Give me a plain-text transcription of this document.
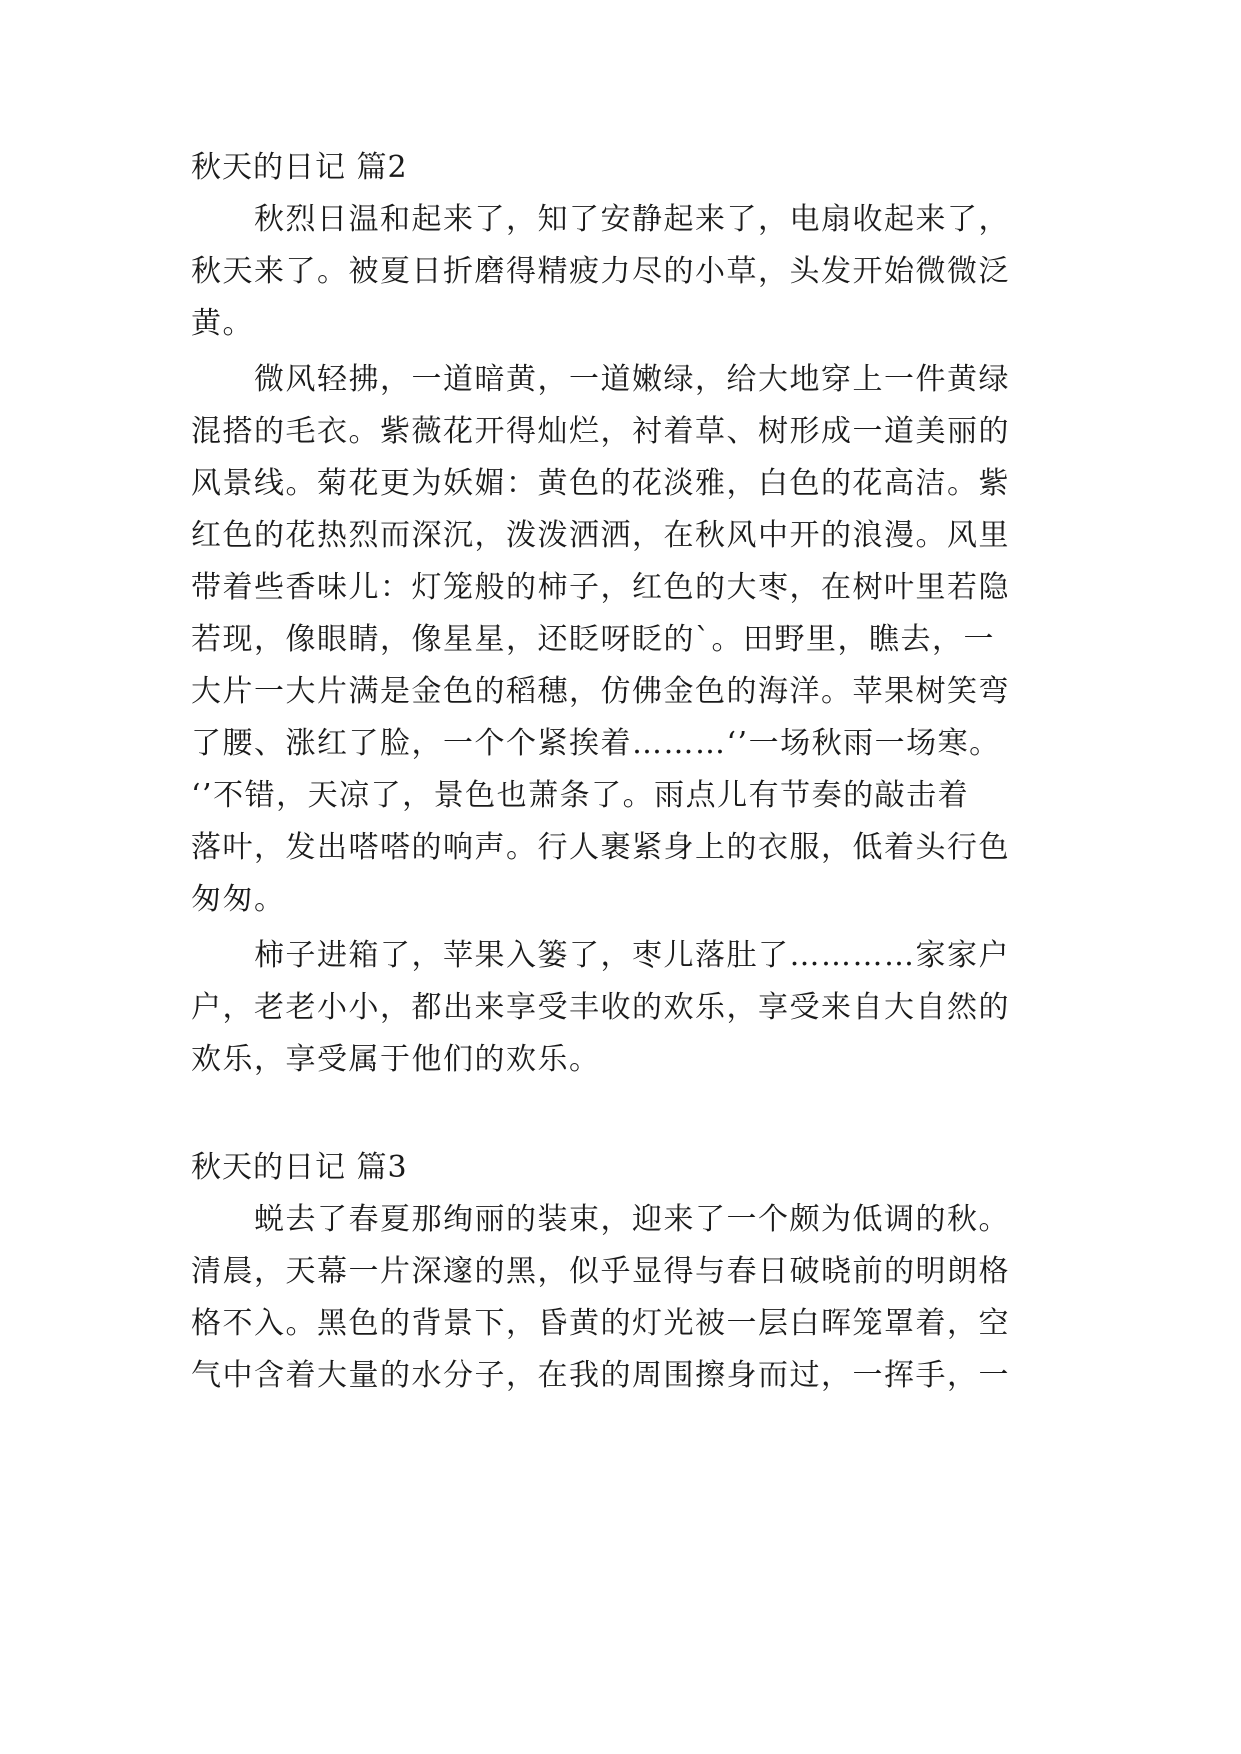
秋天的日记 篇2
秋烈日温和起来了，知了安静起来了，电扇收起来了，
秋天来了。被夏日折磨得精疲力尽的小草，头发开始微微泛
黄。
微风轻拂，一道暗黄，一道嫩绿，给大地穿上一件黄绿
混搭的毛衣。紫薇花开得灿烂，衬着草、树形成一道美丽的
风景线。菊花更为妖媚：黄色的花淡雅，白色的花高洁。紫
红色的花热烈而深沉，泼泼洒洒，在秋风中开的浪漫。风里
带着些香味儿：灯笼般的柿子，红色的大枣，在树叶里若隐
若现，像眼睛，像星星，还眨呀眨的`。田野里，瞧去，一
大片一大片满是金色的稻穗，仿佛金色的海洋。苹果树笑弯
了腰、涨红了脸，一个个紧挨着………‘’一场秋雨一场寒。
‘’不错，天凉了，景色也萧条了。雨点儿有节奏的敲击着
落叶，发出嗒嗒的响声。行人裹紧身上的衣服，低着头行色
匆匆。
柿子进箱了，苹果入篓了，枣儿落肚了…………家家户
户，老老小小，都出来享受丰收的欢乐，享受来自大自然的
欢乐，享受属于他们的欢乐。
秋天的日记 篇3
蜕去了春夏那绚丽的装束，迎来了一个颇为低调的秋。
清晨，天幕一片深邃的黑，似乎显得与春日破晓前的明朗格
格不入。黑色的背景下，昏黄的灯光被一层白晖笼罩着，空
气中含着大量的水分子，在我的周围擦身而过，一挥手，一
